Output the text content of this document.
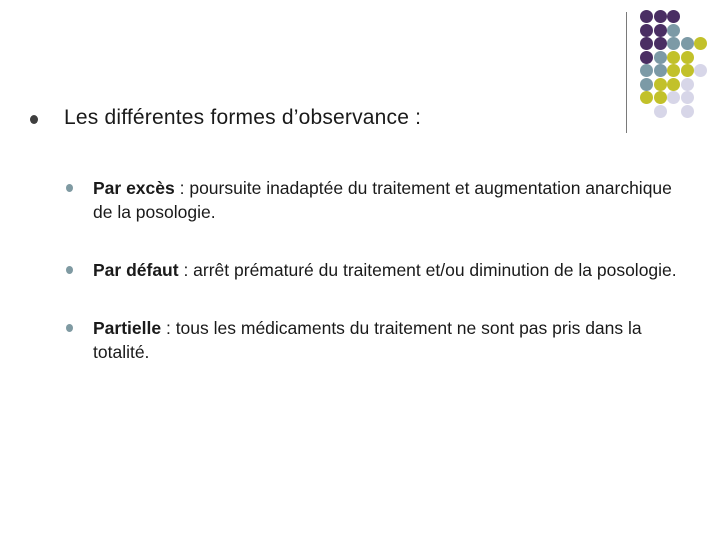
Les différentes formes d’observance :
Par excès : poursuite inadaptée du traitement et augmentation anarchique de la posologie.
Par défaut : arrêt prématuré du traitement et/ou diminution de la posologie.
Partielle : tous les médicaments du traitement ne sont pas pris dans la totalité.
